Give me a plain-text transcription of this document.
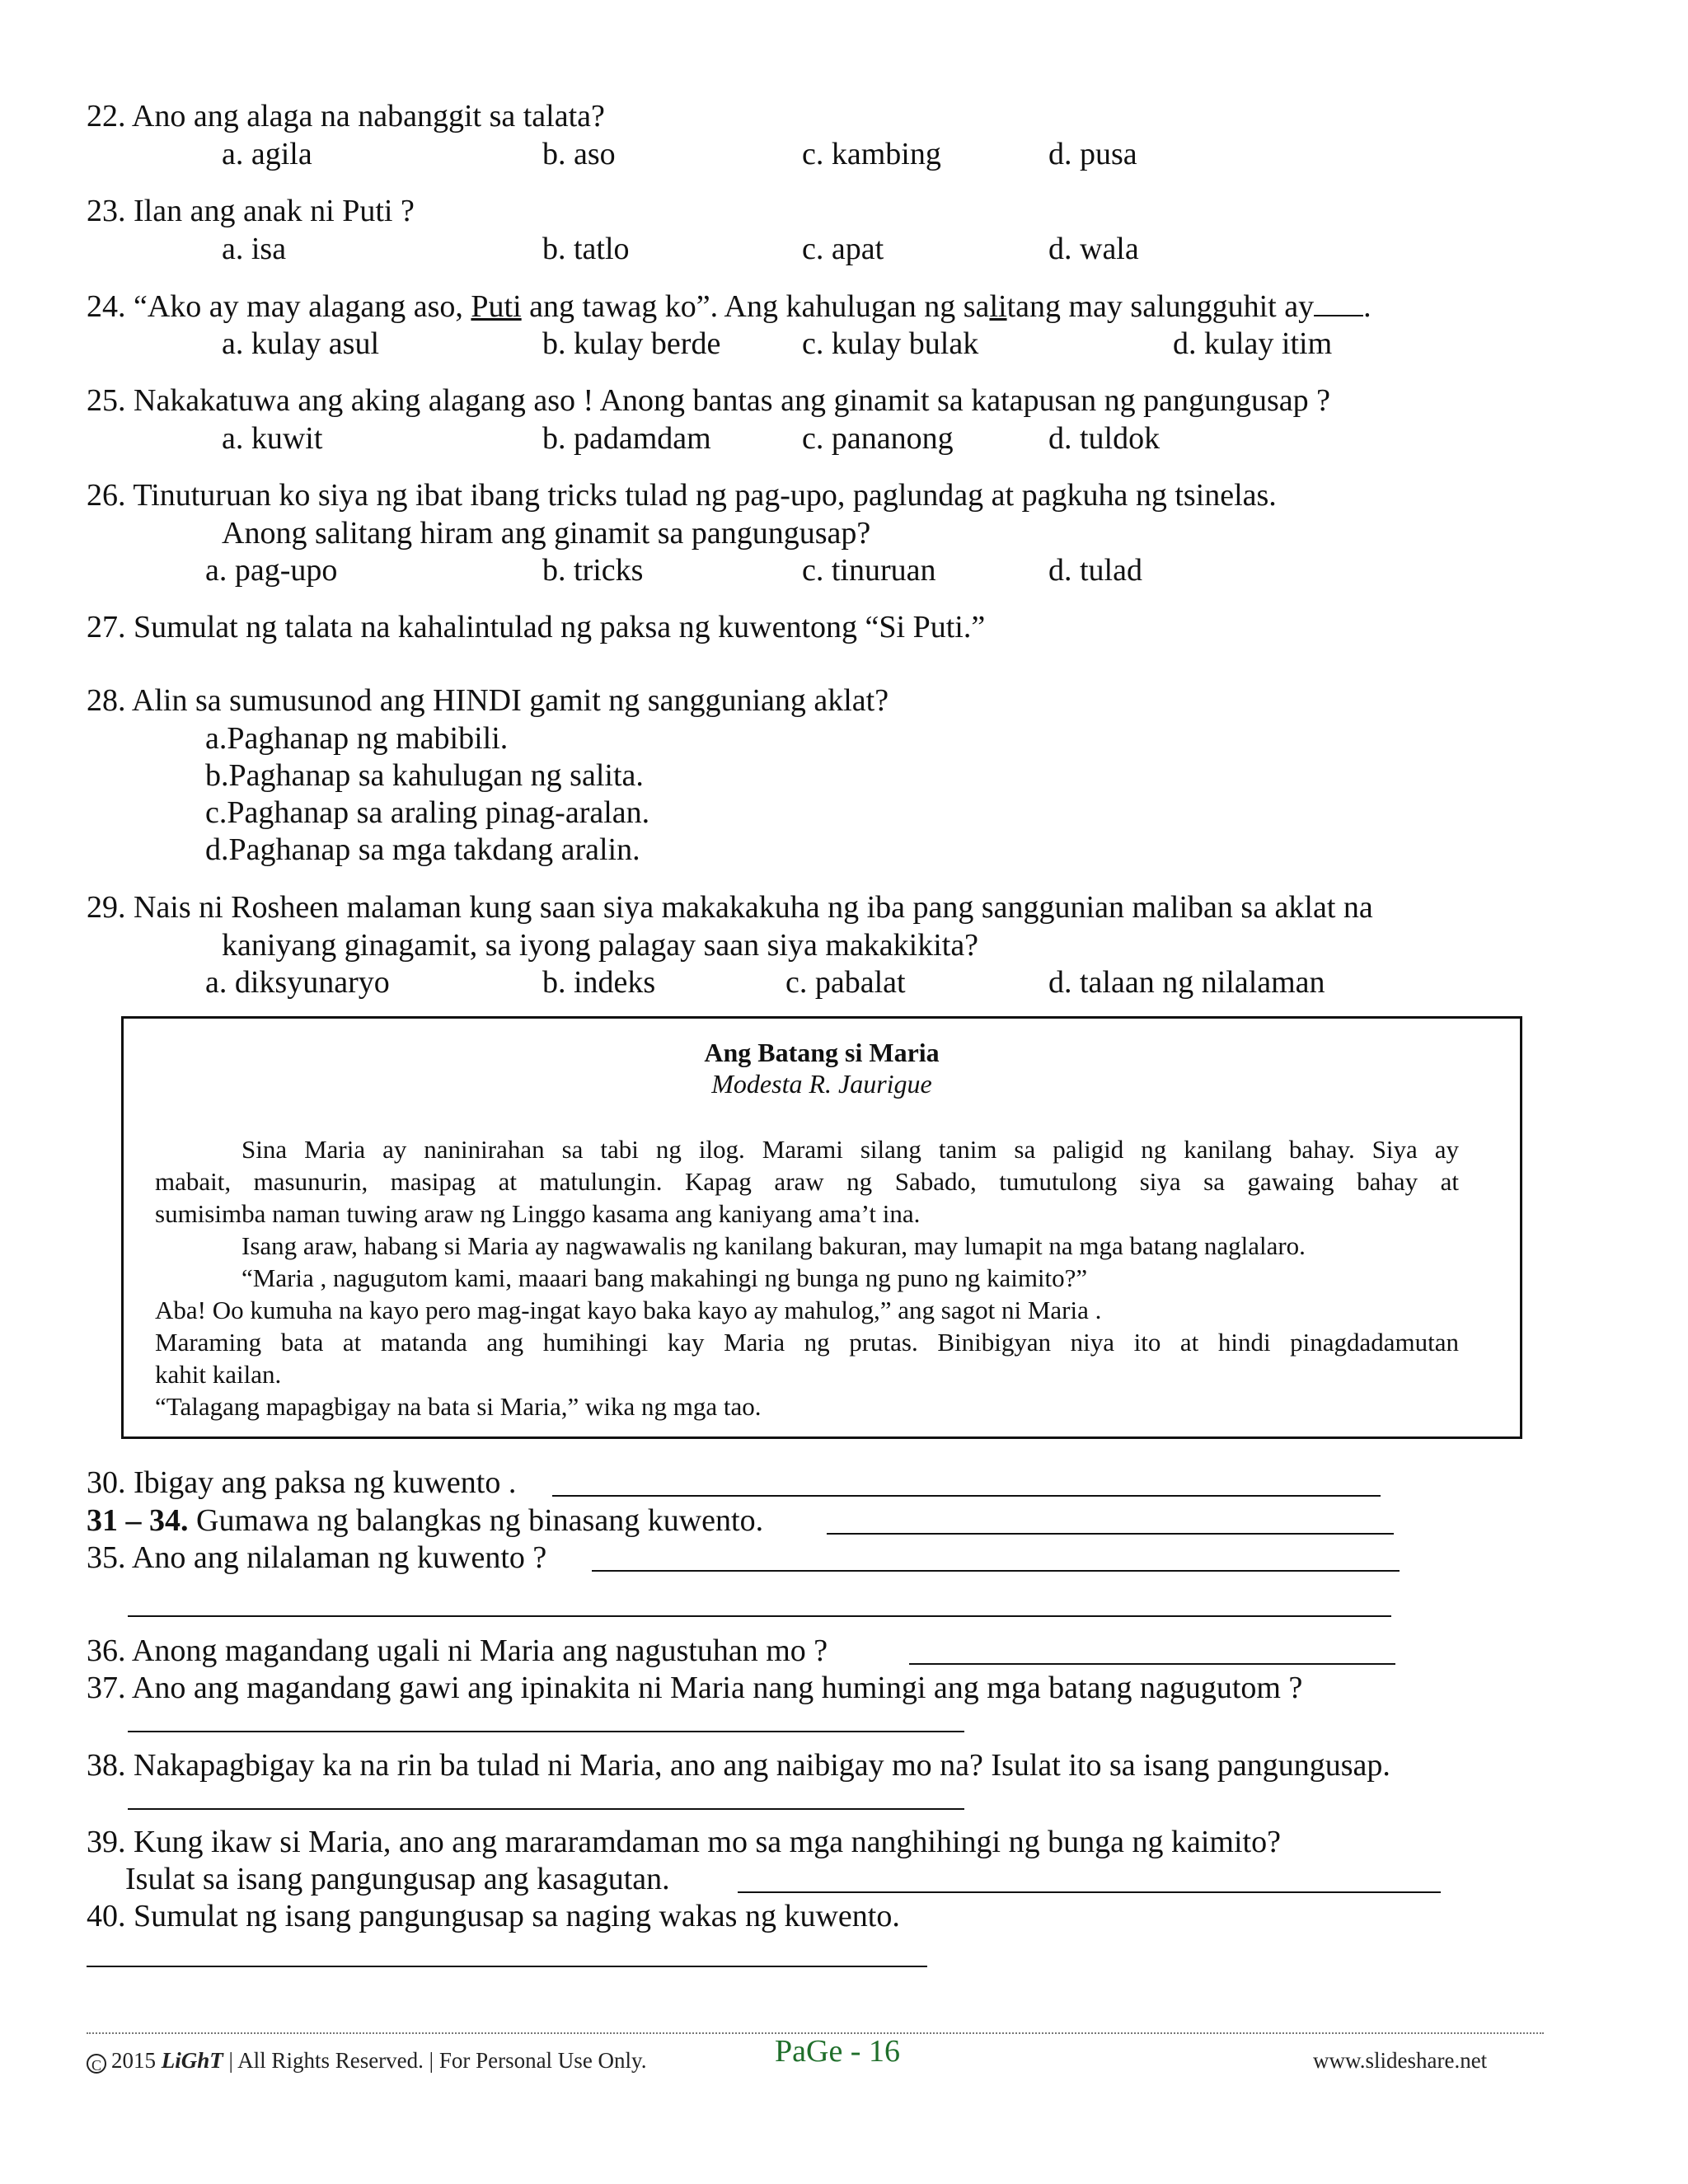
22. Ano ang alaga na nabanggit sa talata?
a. agila	b. aso	c. kambing	d. pusa
23. Ilan ang anak ni Puti ?
a. isa	b. tatlo	c. apat	d. wala
24. “Ako ay may alagang aso, Puti ang tawag ko”. Ang kahulugan ng salitang may salungguhit ay .
a. kulay asul	b. kulay berde	c. kulay bulak	d. kulay itim
25. Nakakatuwa ang aking alagang aso ! Anong bantas ang ginamit sa katapusan ng pangungusap ?
a. kuwit	b. padamdam	c. pananong	d. tuldok
26. Tinuturuan ko siya ng ibat ibang tricks tulad ng pag-upo, paglundag at pagkuha ng tsinelas.
Anong salitang hiram ang ginamit sa pangungusap?
a. pag-upo	b. tricks	c. tinuruan	d. tulad
27. Sumulat ng talata na kahalintulad ng paksa ng kuwentong “Si Puti.”
28. Alin sa sumusunod ang HINDI gamit ng sangguniang aklat?
a.Paghanap ng mabibili.
b.Paghanap sa kahulugan ng salita.
c.Paghanap sa araling pinag-aralan.
d.Paghanap sa mga takdang aralin.
29. Nais ni Rosheen malaman kung saan siya makakakuha ng iba pang sanggunian maliban sa aklat na
kaniyang ginagamit, sa iyong palagay saan siya makakikita?
a. diksyunaryo	b. indeks	c. pabalat	d. talaan ng nilalaman
Ang Batang si Maria
Modesta R. Jaurigue
Sina Maria ay naninirahan sa tabi ng ilog. Marami silang tanim sa paligid ng kanilang bahay. Siya ay
mabait, masunurin, masipag at matulungin. Kapag araw ng Sabado, tumutulong siya sa gawaing bahay at
sumisimba naman tuwing araw ng Linggo kasama ang kaniyang ama’t ina.
Isang araw, habang si Maria ay nagwawalis ng kanilang bakuran, may lumapit na mga batang naglalaro.
“Maria , nagugutom kami, maaari bang makahingi ng bunga ng puno ng kaimito?”
Aba! Oo kumuha na kayo pero mag-ingat kayo baka kayo ay mahulog,” ang sagot ni Maria .
Maraming bata at matanda ang humihingi kay Maria ng prutas. Binibigyan niya ito at hindi pinagdadamutan
kahit kailan.
“Talagang mapagbigay na bata si Maria,” wika ng mga tao.
30. Ibigay ang paksa ng kuwento .
31 – 34. Gumawa ng balangkas ng binasang kuwento.
35. Ano ang nilalaman ng kuwento ?
36. Anong magandang ugali ni Maria ang nagustuhan mo ?
37. Ano ang magandang gawi ang ipinakita ni Maria nang humingi ang mga batang nagugutom ?
38. Nakapagbigay ka na rin ba tulad ni Maria, ano ang naibigay mo na? Isulat ito sa isang pangungusap.
39. Kung ikaw si Maria, ano ang mararamdaman mo sa mga nanghihingi ng bunga ng kaimito?
Isulat sa isang pangungusap ang kasagutan.
40. Sumulat ng isang pangungusap sa naging wakas ng kuwento.
C 2015 LiGhT | All Rights Reserved. | For Personal Use Only.	PaGe - 16	www.slideshare.net
